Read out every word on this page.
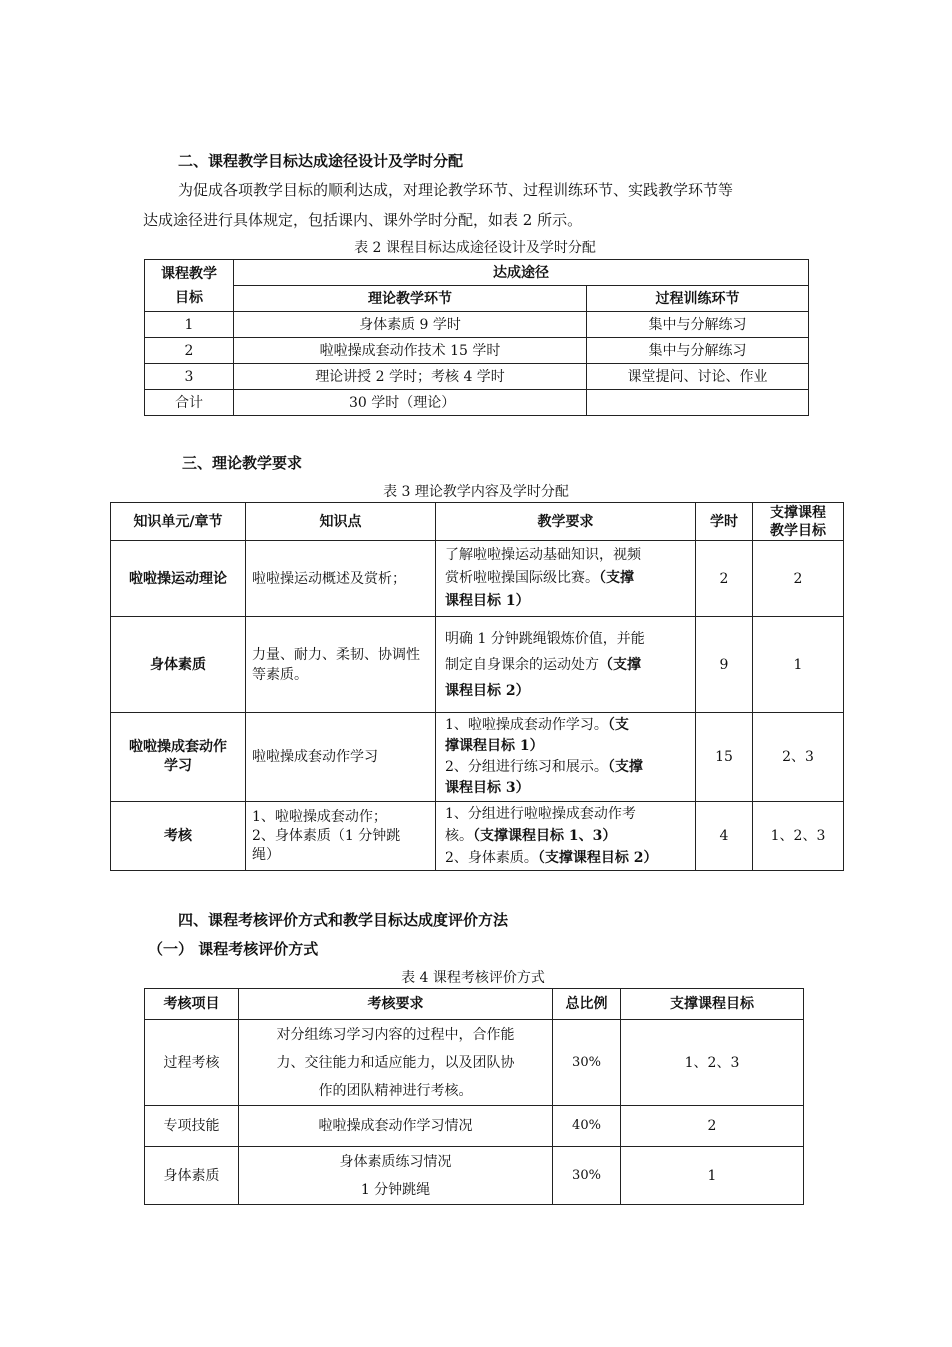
二、课程教学目标达成途径设计及学时分配
为促成各项教学目标的顺利达成，对理论教学环节、过程训练环节、实践教学环节等
达成途径进行具体规定，包括课内、课外学时分配，如表 2 所示。
表 2 课程目标达成途径设计及学时分配
课程教学
目标	达成途径	
	理论教学环节	过程训练环节
1	身体素质 9 学时	集中与分解练习
2	啦啦操成套动作技术 15 学时	集中与分解练习
3	理论讲授 2 学时；考核 4 学时	课堂提问、讨论、作业
合计	30 学时（理论）	
三、理论教学要求
表 3 理论教学内容及学时分配
知识单元/章节	知识点	教学要求	学时	支撑课程
教学目标
啦啦操运动理论	啦啦操运动概述及赏析；	了解啦啦操运动基础知识，视频
赏析啦啦操国际级比赛。（支撑
课程目标 1）	2	2
身体素质	力量、耐力、柔韧、协调性等素质。	明确 1 分钟跳绳锻炼价值，并能
制定自身课余的运动处方（支撑
课程目标 2）	9	1
啦啦操成套动作
学习	啦啦操成套动作学习	1、啦啦操成套动作学习。（支
撑课程目标 1）
2、分组进行练习和展示。（支撑
课程目标 3）	15	2、3
考核	1、啦啦操成套动作；
2、身体素质（1 分钟跳
绳）	1、分组进行啦啦操成套动作考
核。（支撑课程目标 1、3）
2、身体素质。（支撑课程目标 2）	4	1、2、3
四、课程考核评价方式和教学目标达成度评价方法
（一） 课程考核评价方式
表 4 课程考核评价方式
考核项目	考核要求	总比例	支撑课程目标
过程考核	对分组练习学习内容的过程中，合作能
力、交往能力和适应能力，以及团队协
作的团队精神进行考核。	30%	1、2、3
专项技能	啦啦操成套动作学习情况	40%	2
身体素质	身体素质练习情况
1 分钟跳绳	30%	1
